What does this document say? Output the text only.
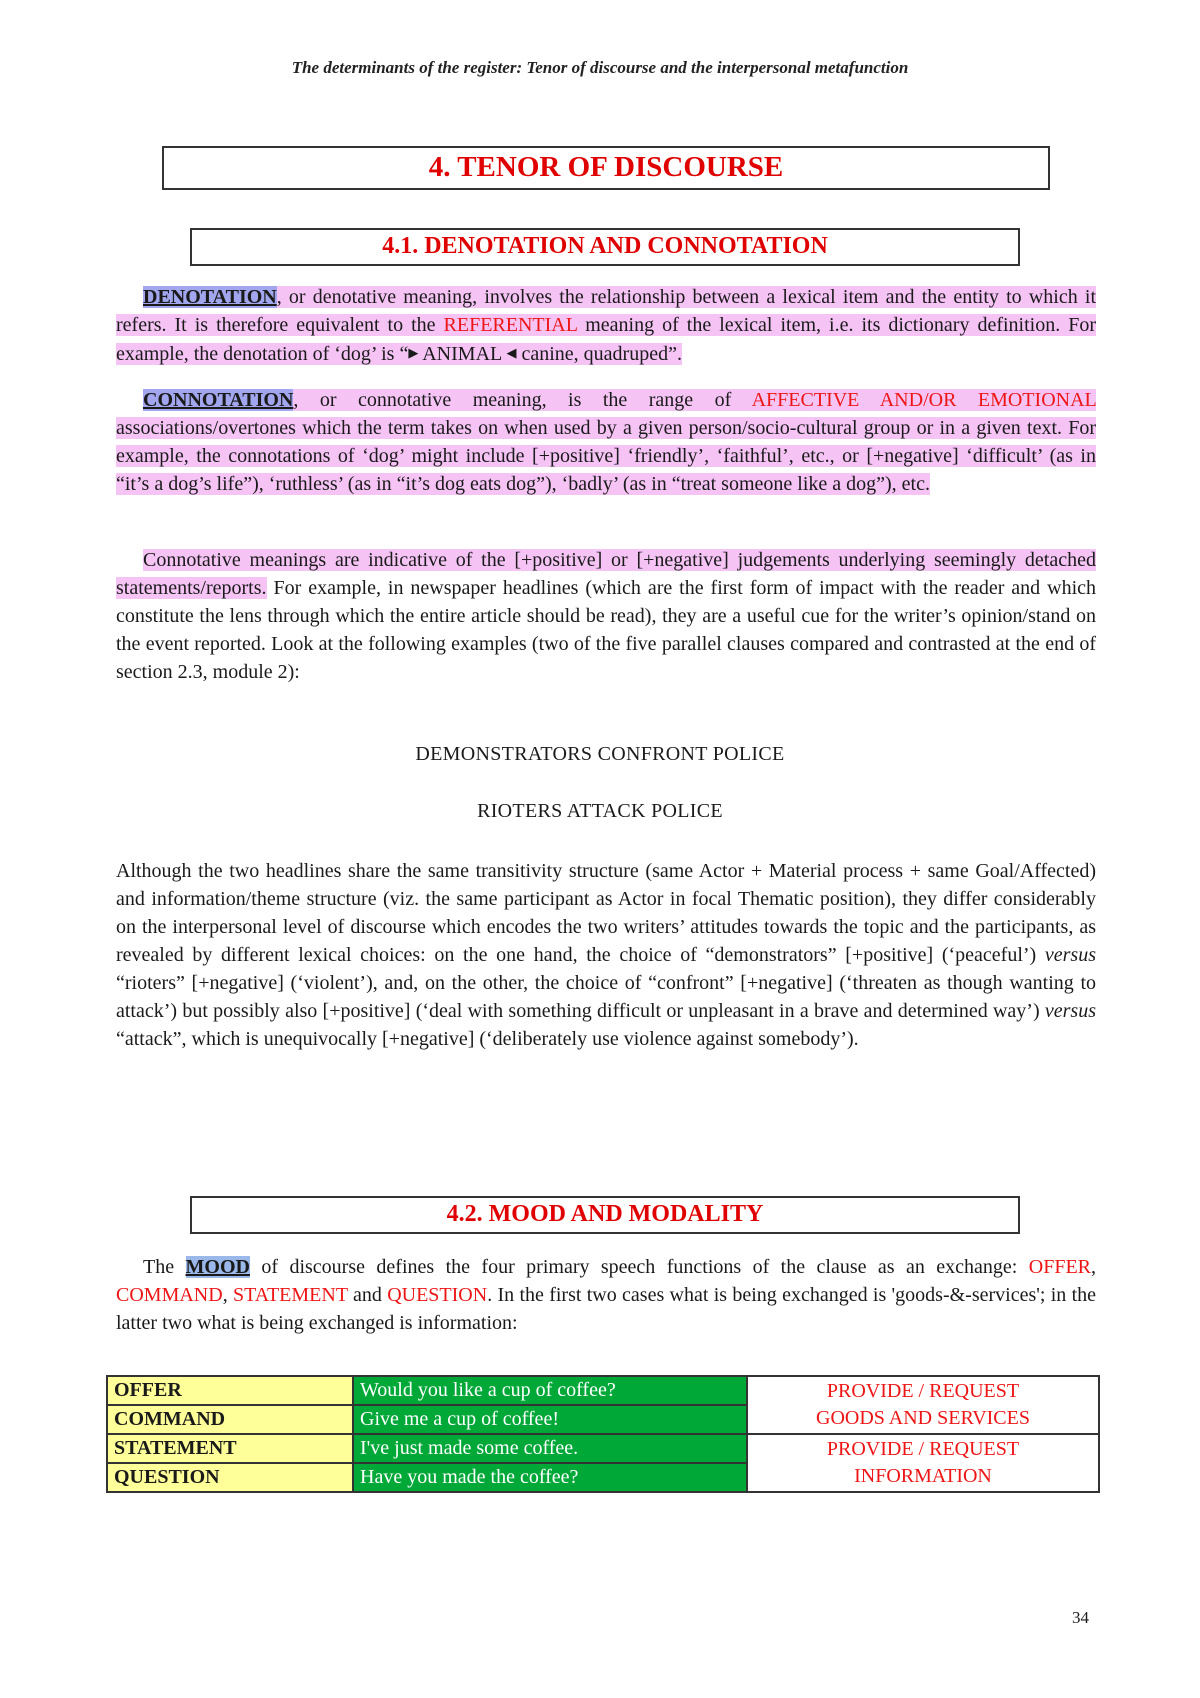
The determinants of the register: Tenor of discourse and the interpersonal metafunction
4. TENOR OF DISCOURSE
4.1. DENOTATION AND CONNOTATION
DENOTATION, or denotative meaning, involves the relationship between a lexical item and the entity to which it refers. It is therefore equivalent to the REFERENTIAL meaning of the lexical item, i.e. its dictionary definition. For example, the denotation of ‘dog’ is “▶ ANIMAL ◀ canine, quadruped”.
CONNOTATION, or connotative meaning, is the range of AFFECTIVE AND/OR EMOTIONAL associations/overtones which the term takes on when used by a given person/socio-cultural group or in a given text. For example, the connotations of ‘dog’ might include [+positive] ‘friendly’, ‘faithful’, etc., or [+negative] ‘difficult’ (as in “it’s a dog’s life”), ‘ruthless’ (as in “it’s dog eats dog”), ‘badly’ (as in “treat someone like a dog”), etc.
Connotative meanings are indicative of the [+positive] or [+negative] judgements underlying seemingly detached statements/reports. For example, in newspaper headlines (which are the first form of impact with the reader and which constitute the lens through which the entire article should be read), they are a useful cue for the writer’s opinion/stand on the event reported. Look at the following examples (two of the five parallel clauses compared and contrasted at the end of section 2.3, module 2):
DEMONSTRATORS CONFRONT POLICE
RIOTERS ATTACK POLICE
Although the two headlines share the same transitivity structure (same Actor + Material process + same Goal/Affected) and information/theme structure (viz. the same participant as Actor in focal Thematic position), they differ considerably on the interpersonal level of discourse which encodes the two writers’ attitudes towards the topic and the participants, as revealed by different lexical choices: on the one hand, the choice of “demonstrators” [+positive] (‘peaceful’) versus “rioters” [+negative] (‘violent’), and, on the other, the choice of “confront” [+negative] (‘threaten as though wanting to attack’) but possibly also [+positive] (‘deal with something difficult or unpleasant in a brave and determined way’) versus “attack”, which is unequivocally [+negative] (‘deliberately use violence against somebody’).
4.2. MOOD AND MODALITY
The MOOD of discourse defines the four primary speech functions of the clause as an exchange: OFFER, COMMAND, STATEMENT and QUESTION. In the first two cases what is being exchanged is 'goods-&-services'; in the latter two what is being exchanged is information:
OFFER	Would you like a cup of coffee?	PROVIDE / REQUEST
GOODS AND SERVICES

COMMAND	Give me a cup of coffee!	
STATEMENT	I've just made some coffee.	PROVIDE / REQUEST
INFORMATION

QUESTION	Have you made the coffee?	
34
